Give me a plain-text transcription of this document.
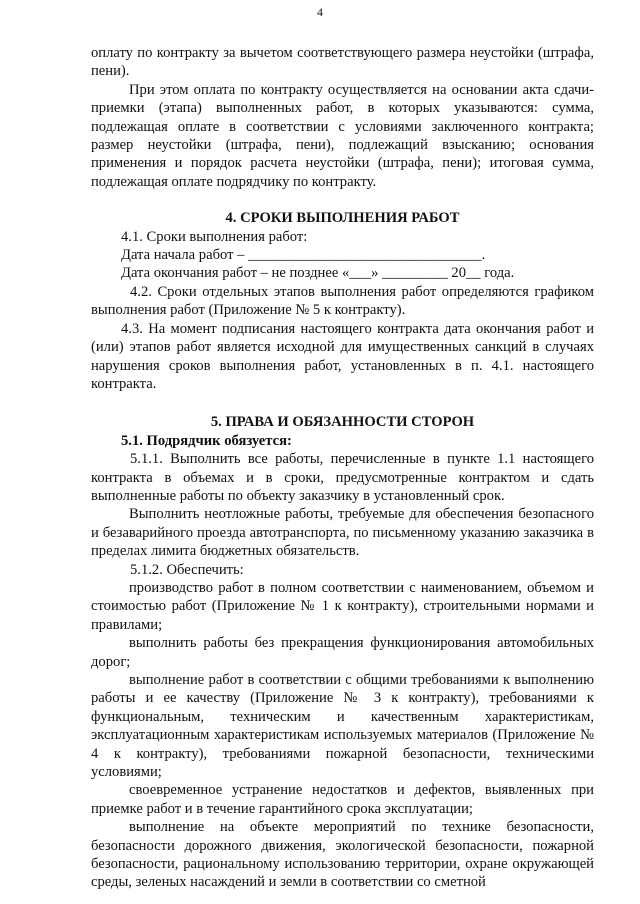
4

оплату по контракту за вычетом соответствующего размера неустойки (штрафа, пени).

При этом оплата по контракту осуществляется на основании акта сдачи-приемки (этапа) выполненных работ, в которых указываются: сумма, подлежащая оплате в соответствии с условиями заключенного контракта; размер неустойки (штрафа, пени), подлежащий взысканию; основания применения и порядок расчета неустойки (штрафа, пени); итоговая сумма, подлежащая оплате подрядчику по контракту.

4. СРОКИ ВЫПОЛНЕНИЯ РАБОТ

4.1. Сроки выполнения работ:

Дата начала работ – ________________________________.

Дата окончания работ – не позднее «___» _________ 20__ года.

4.2. Сроки отдельных этапов выполнения работ определяются графиком выполнения работ (Приложение № 5 к контракту).

4.3. На момент подписания настоящего контракта дата окончания работ и (или) этапов работ является исходной для имущественных санкций в случаях нарушения сроков выполнения работ, установленных в п. 4.1. настоящего контракта.

5. ПРАВА И ОБЯЗАННОСТИ СТОРОН

5.1. Подрядчик обязуется:

5.1.1. Выполнить все работы, перечисленные в пункте 1.1 настоящего контракта в объемах и в сроки, предусмотренные контрактом и сдать выполненные работы по объекту заказчику в установленный срок.

Выполнить неотложные работы, требуемые для обеспечения безопасного и безаварийного проезда автотранспорта, по письменному указанию заказчика в пределах лимита бюджетных обязательств.

5.1.2. Обеспечить:

производство работ в полном соответствии с наименованием, объемом и стоимостью работ (Приложение № 1 к контракту), строительными нормами и правилами;

выполнить работы без прекращения функционирования автомобильных дорог;

выполнение работ в соответствии с общими требованиями к выполнению работы и ее качеству (Приложение № 3 к контракту), требованиями к функциональным, техническим и качественным характеристикам, эксплуатационным характеристикам используемых материалов (Приложение № 4 к контракту), требованиями пожарной безопасности, техническими условиями;

своевременное устранение недостатков и дефектов, выявленных при приемке работ и в течение гарантийного срока эксплуатации;

выполнение на объекте мероприятий по технике безопасности, безопасности дорожного движения, экологической безопасности, пожарной безопасности, рациональному использованию территории, охране окружающей среды, зеленых насаждений и земли в соответствии со сметной
